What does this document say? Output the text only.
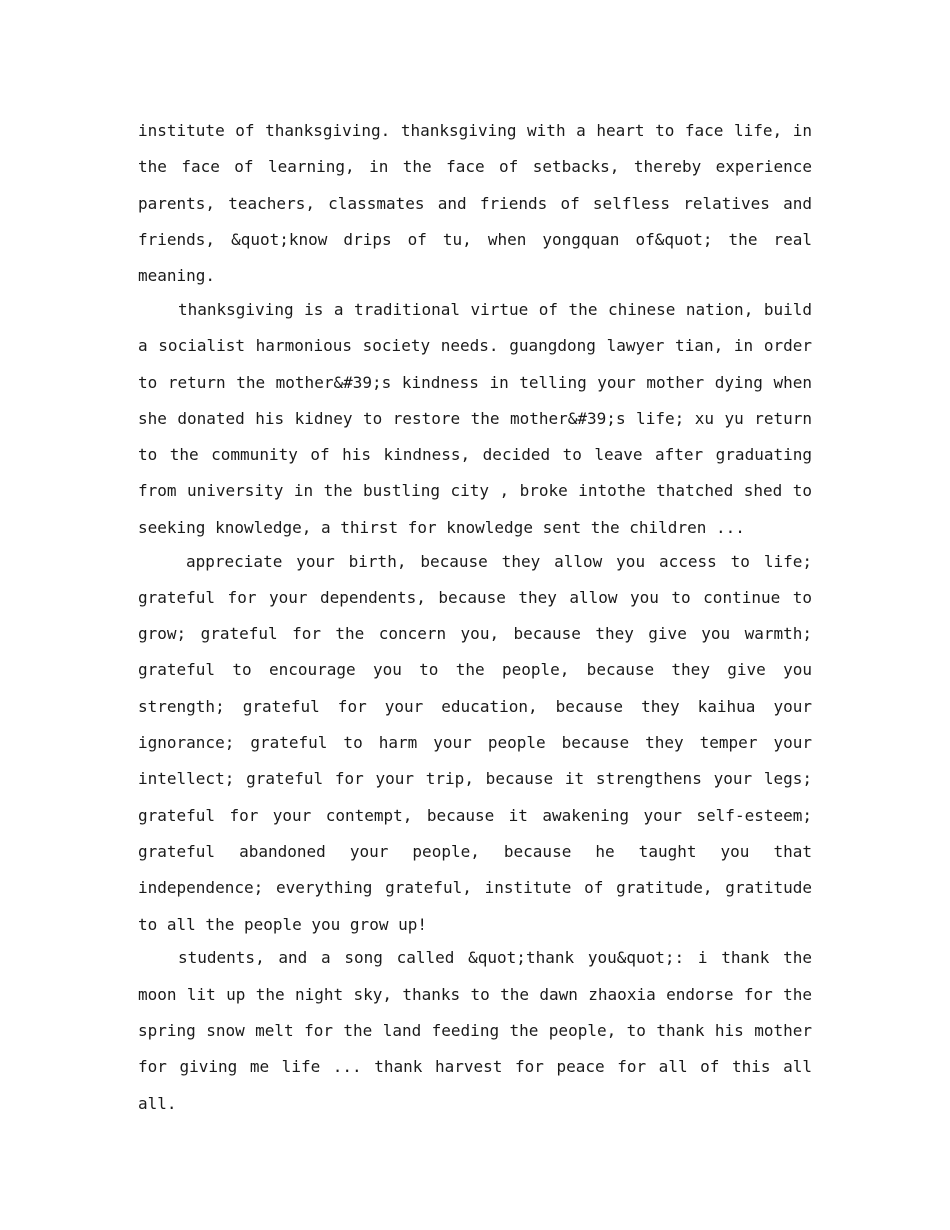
institute of thanksgiving. thanksgiving with a heart to face life, in the face of learning, in the face of setbacks, thereby experience parents, teachers, classmates and friends of selfless relatives and friends, &quot;know drips of tu, when yongquan of&quot; the real meaning.

thanksgiving is a traditional virtue of the chinese nation, build a socialist harmonious society needs. guangdong lawyer tian, in order to return the mother&#39;s kindness in telling your mother dying when she donated his kidney to restore the mother&#39;s life; xu yu return to the community of his kindness, decided to leave after graduating from university in the bustling city , broke intothe thatched shed to seeking knowledge, a thirst for knowledge sent the children ...

appreciate your birth, because they allow you access to life; grateful for your dependents, because they allow you to continue to grow; grateful for the concern you, because they give you warmth; grateful to encourage you to the people, because they give you strength; grateful for your education, because they kaihua your ignorance; grateful to harm your people because they temper your intellect; grateful for your trip, because it strengthens your legs; grateful for your contempt, because it awakening your self-esteem; grateful abandoned your people, because he taught you that independence; everything grateful, institute of gratitude, gratitude to all the people you grow up!

students, and a song called &quot;thank you&quot;: i thank the moon lit up the night sky, thanks to the dawn zhaoxia endorse for the spring snow melt for the land feeding the people, to thank his mother for giving me life ... thank harvest for peace for all of this all all.
